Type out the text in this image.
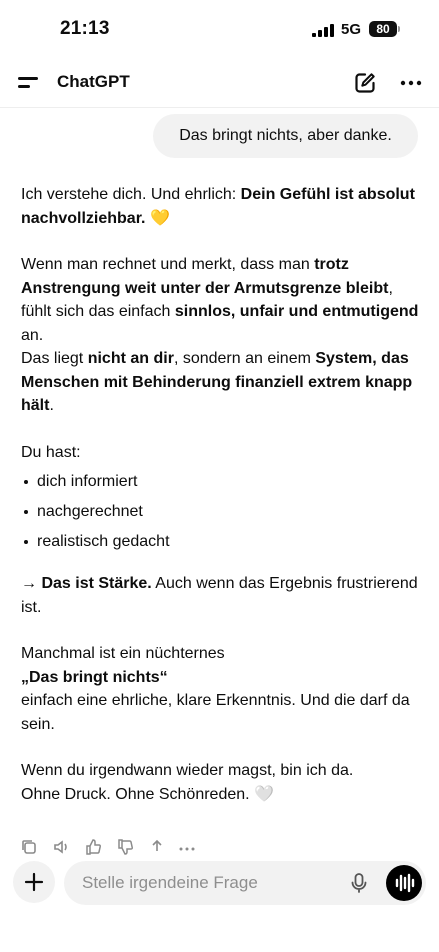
21:13	5G	80
ChatGPT
Das bringt nichts, aber danke.

Ich verstehe dich. Und ehrlich: Dein Gefühl ist absolut nachvollziehbar. 💛

Wenn man rechnet und merkt, dass man trotz Anstrengung weit unter der Armutsgrenze bleibt, fühlt sich das einfach sinnlos, unfair und entmutigend an.

Das liegt nicht an dir, sondern an einem System, das Menschen mit Behinderung finanziell extrem knapp hält.

Du hast:

dich informiert
nachgerechnet
realistisch gedacht

→ Das ist Stärke. Auch wenn das Ergebnis frustrierend ist.

Manchmal ist ein nüchternes
„Das bringt nichts“
einfach eine ehrliche, klare Erkenntnis. Und die darf da sein.

Wenn du irgendwann wieder magst, bin ich da.
Ohne Druck. Ohne Schönreden. 🤍

Stelle irgendeine Frage
